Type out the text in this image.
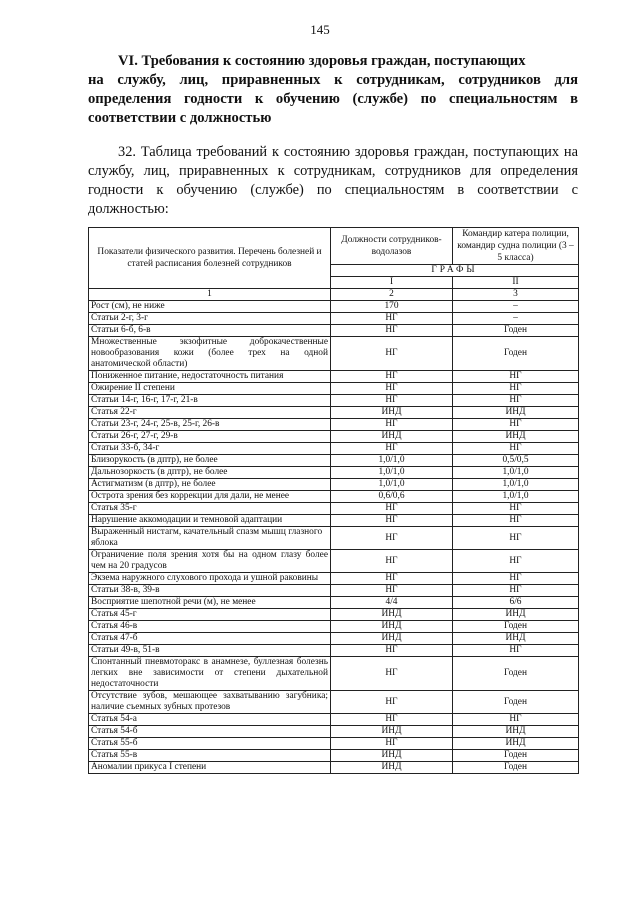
145
VI. Требования к состоянию здоровья граждан, поступающих
на службу, лиц, приравненных к сотрудникам, сотрудников для определения годности к обучению (службе) по специальностям в соответствии с должностью
32. Таблица требований к состоянию здоровья граждан, поступающих на службу, лиц, приравненных к сотрудникам, сотрудников для определения годности к обучению (службе) по специальностям в соответствии с должностью:
Показатели физического развития. Перечень болезней и статей расписания болезней сотрудников	Должности сотрудников-водолазов	Командир катера полиции, командир судна полиции (3 – 5 класса)
	ГРАФЫ	
	I	II
1	2	3
Рост (см), не ниже	170	–
Статьи 2-г, 3-г	НГ	–
Статьи 6-б, 6-в	НГ	Годен
Множественные экзофитные доброкачественные новообразования кожи (более трех на одной анатомической области)	НГ	Годен
Пониженное питание, недостаточность питания	НГ	НГ
Ожирение II степени	НГ	НГ
Статьи 14-г, 16-г, 17-г, 21-в	НГ	НГ
Статья 22-г	ИНД	ИНД
Статьи 23-г, 24-г, 25-в, 25-г, 26-в	НГ	НГ
Статьи 26-г, 27-г, 29-в	ИНД	ИНД
Статьи 33-б, 34-г	НГ	НГ
Близорукость (в дптр), не более	1,0/1,0	0,5/0,5
Дальнозоркость (в дптр), не более	1,0/1,0	1,0/1,0
Астигматизм (в дптр), не более	1,0/1,0	1,0/1,0
Острота зрения без коррекции для дали, не менее	0,6/0,6	1,0/1,0
Статья 35-г	НГ	НГ
Нарушение аккомодации и темновой адаптации	НГ	НГ
Выраженный нистагм, качательный спазм мышц глазного яблока	НГ	НГ
Ограничение поля зрения хотя бы на одном глазу более чем на 20 градусов	НГ	НГ
Экзема наружного слухового прохода и ушной раковины	НГ	НГ
Статьи 38-в, 39-в	НГ	НГ
Восприятие шепотной речи (м), не менее	4/4	6/6
Статья 45-г	ИНД	ИНД
Статья 46-в	ИНД	Годен
Статья 47-б	ИНД	ИНД
Статьи 49-в, 51-в	НГ	НГ
Спонтанный пневмоторакс в анамнезе, буллезная болезнь легких вне зависимости от степени дыхательной недостаточности	НГ	Годен
Отсутствие зубов, мешающее захватыванию загубника; наличие съемных зубных протезов	НГ	Годен
Статья 54-а	НГ	НГ
Статья 54-б	ИНД	ИНД
Статья 55-б	НГ	ИНД
Статья 55-в	ИНД	Годен
Аномалии прикуса I степени	ИНД	Годен
